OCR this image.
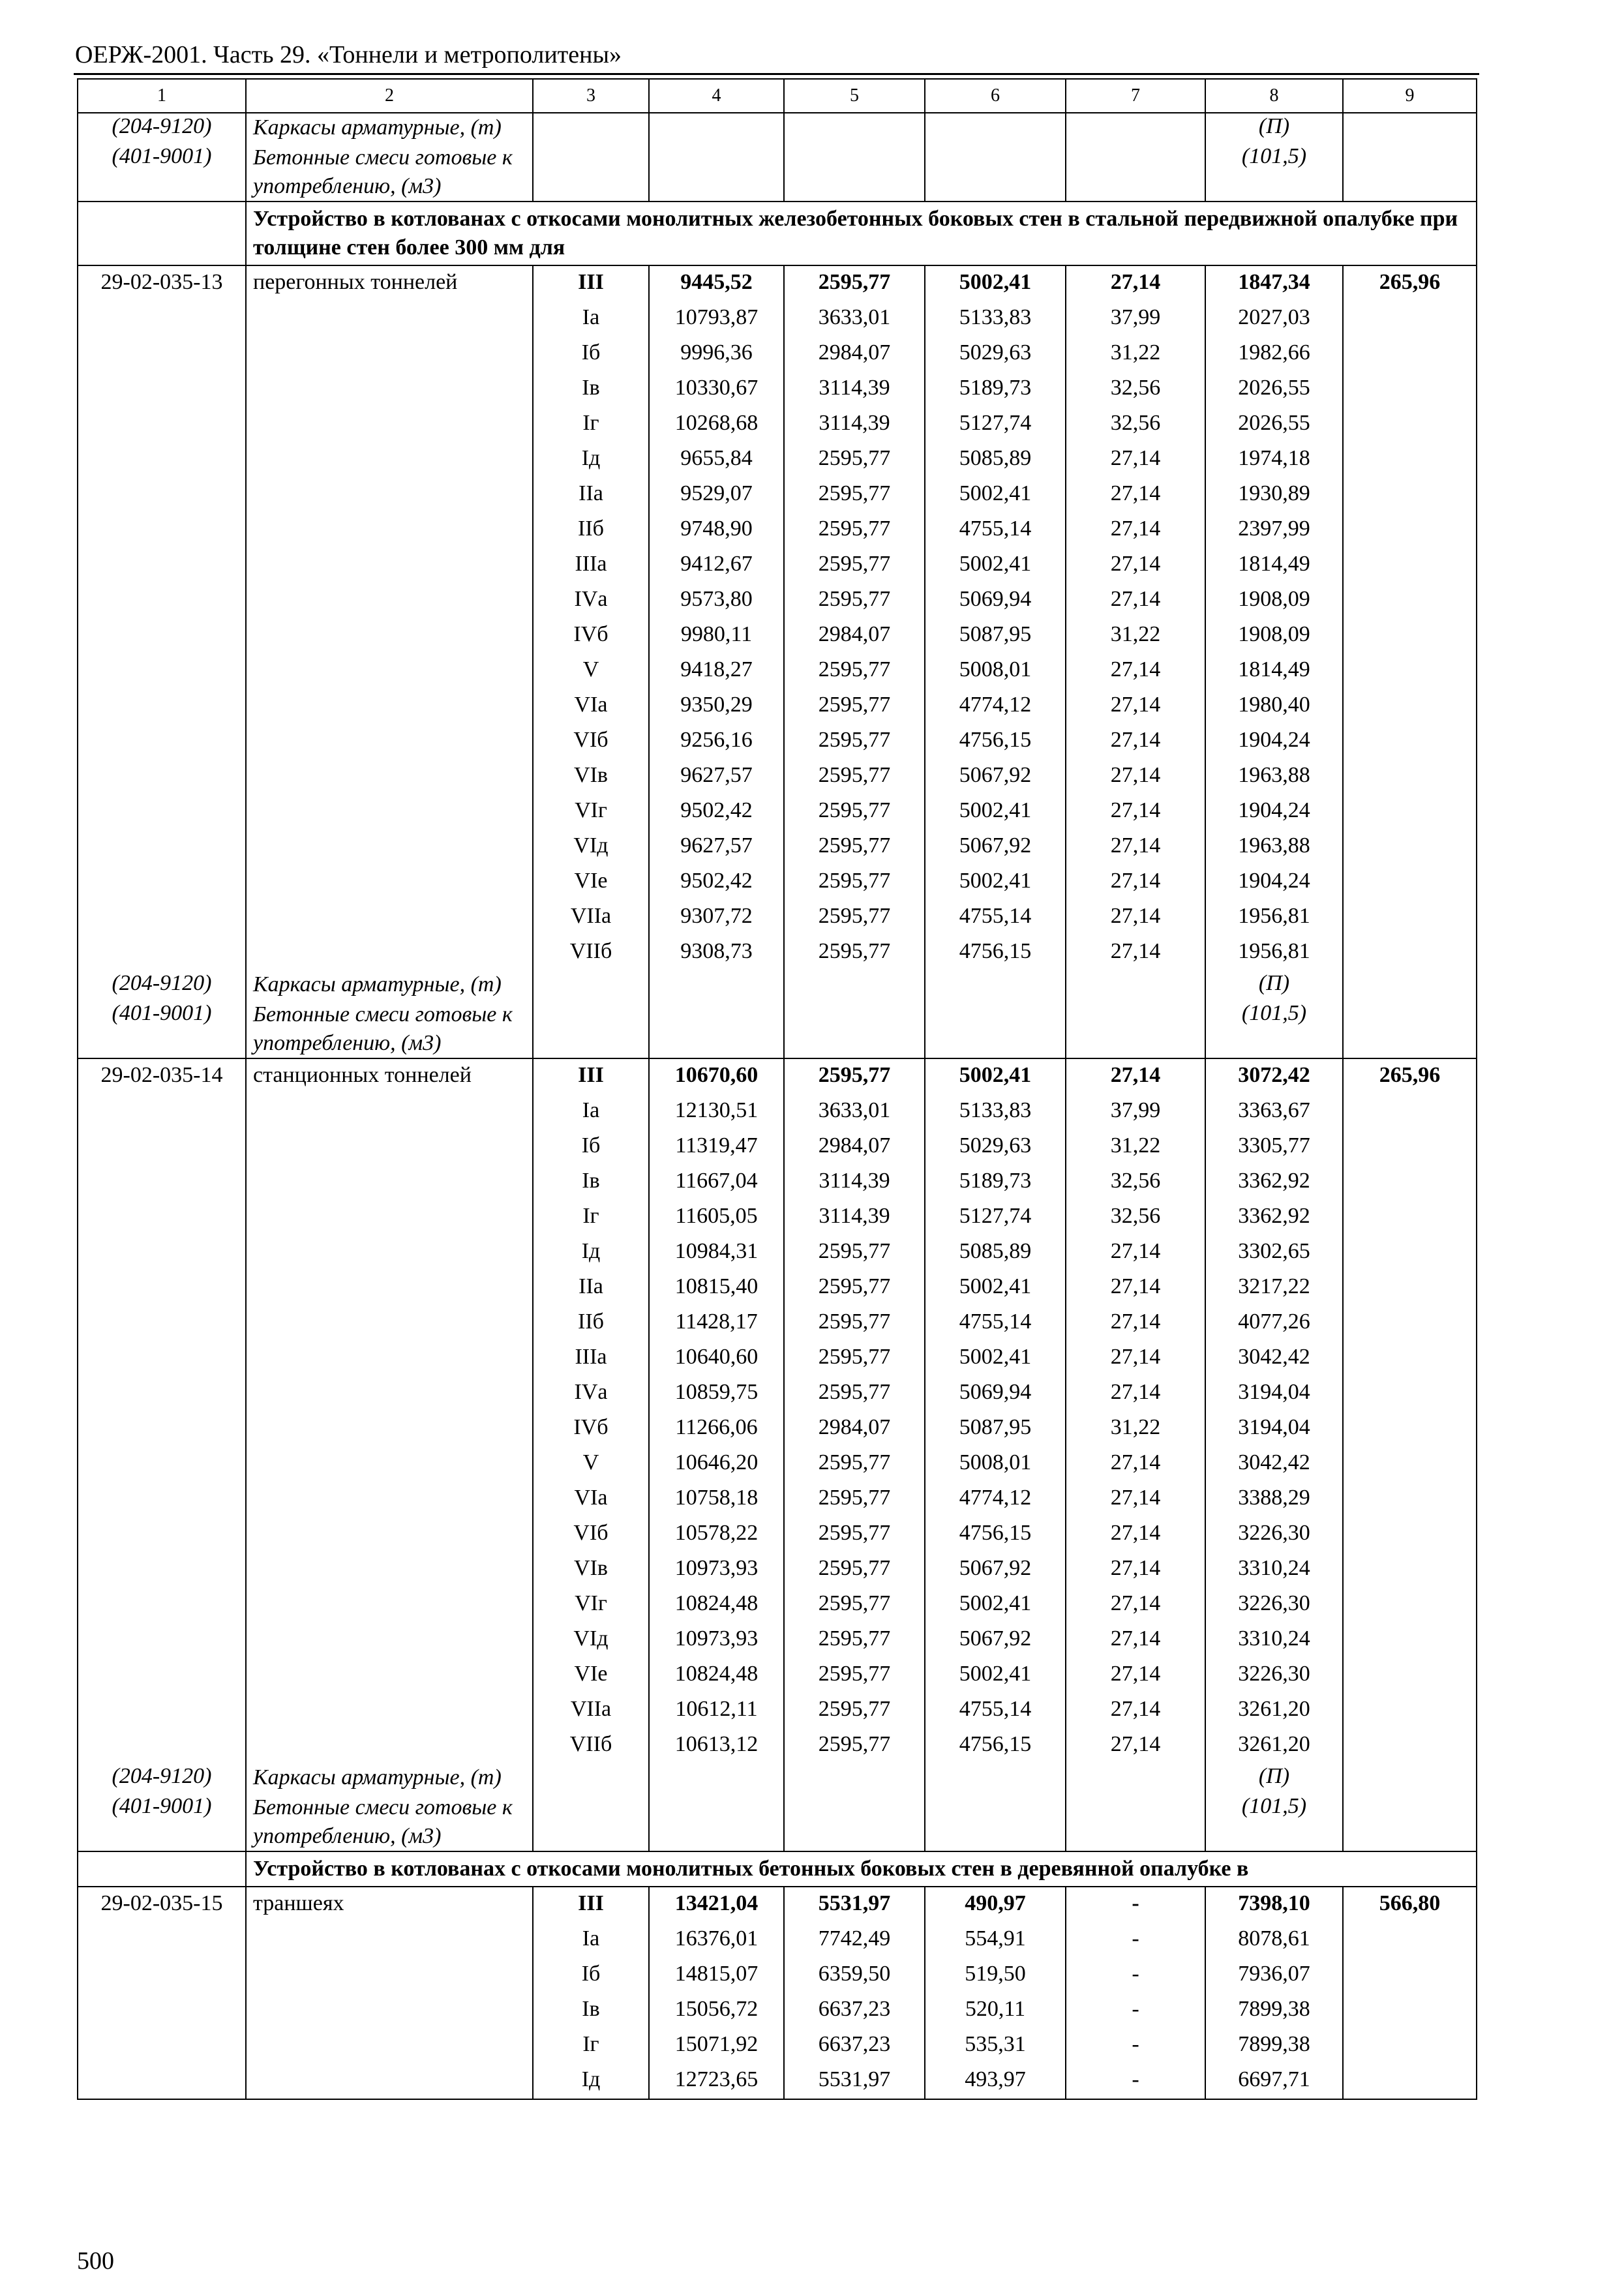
ОЕРЖ-2001. Часть 29. «Тоннели и метрополитены»
1	2	3	4	5	6	7	8	9
(204-9120)	Каркасы арматурные, (т)						(П)	
(401-9001)	Бетонные смеси готовые к употреблению, (м3)						(101,5)	
	Устройство в котлованах с откосами монолитных железобетонных боковых стен в стальной передвижной опалубке при толщине стен более 300 мм для							
29-02-035-13	перегонных тоннелей	III	9445,52	2595,77	5002,41	27,14	1847,34	265,96
		Iа	10793,87	3633,01	5133,83	37,99	2027,03	
		Iб	9996,36	2984,07	5029,63	31,22	1982,66	
		Iв	10330,67	3114,39	5189,73	32,56	2026,55	
		Iг	10268,68	3114,39	5127,74	32,56	2026,55	
		Iд	9655,84	2595,77	5085,89	27,14	1974,18	
		IIа	9529,07	2595,77	5002,41	27,14	1930,89	
		IIб	9748,90	2595,77	4755,14	27,14	2397,99	
		IIIа	9412,67	2595,77	5002,41	27,14	1814,49	
		IVа	9573,80	2595,77	5069,94	27,14	1908,09	
		IVб	9980,11	2984,07	5087,95	31,22	1908,09	
		V	9418,27	2595,77	5008,01	27,14	1814,49	
		VIа	9350,29	2595,77	4774,12	27,14	1980,40	
		VIб	9256,16	2595,77	4756,15	27,14	1904,24	
		VIв	9627,57	2595,77	5067,92	27,14	1963,88	
		VIг	9502,42	2595,77	5002,41	27,14	1904,24	
		VIд	9627,57	2595,77	5067,92	27,14	1963,88	
		VIе	9502,42	2595,77	5002,41	27,14	1904,24	
		VIIа	9307,72	2595,77	4755,14	27,14	1956,81	
		VIIб	9308,73	2595,77	4756,15	27,14	1956,81	
(204-9120)	Каркасы арматурные, (т)						(П)	
(401-9001)	Бетонные смеси готовые к употреблению, (м3)						(101,5)	
29-02-035-14	станционных тоннелей	III	10670,60	2595,77	5002,41	27,14	3072,42	265,96
		Iа	12130,51	3633,01	5133,83	37,99	3363,67	
		Iб	11319,47	2984,07	5029,63	31,22	3305,77	
		Iв	11667,04	3114,39	5189,73	32,56	3362,92	
		Iг	11605,05	3114,39	5127,74	32,56	3362,92	
		Iд	10984,31	2595,77	5085,89	27,14	3302,65	
		IIа	10815,40	2595,77	5002,41	27,14	3217,22	
		IIб	11428,17	2595,77	4755,14	27,14	4077,26	
		IIIа	10640,60	2595,77	5002,41	27,14	3042,42	
		IVа	10859,75	2595,77	5069,94	27,14	3194,04	
		IVб	11266,06	2984,07	5087,95	31,22	3194,04	
		V	10646,20	2595,77	5008,01	27,14	3042,42	
		VIа	10758,18	2595,77	4774,12	27,14	3388,29	
		VIб	10578,22	2595,77	4756,15	27,14	3226,30	
		VIв	10973,93	2595,77	5067,92	27,14	3310,24	
		VIг	10824,48	2595,77	5002,41	27,14	3226,30	
		VIд	10973,93	2595,77	5067,92	27,14	3310,24	
		VIе	10824,48	2595,77	5002,41	27,14	3226,30	
		VIIа	10612,11	2595,77	4755,14	27,14	3261,20	
		VIIб	10613,12	2595,77	4756,15	27,14	3261,20	
(204-9120)	Каркасы арматурные, (т)						(П)	
(401-9001)	Бетонные смеси готовые к употреблению, (м3)						(101,5)	
	Устройство в котлованах с откосами монолитных бетонных боковых стен в деревянной опалубке в							
29-02-035-15	траншеях	III	13421,04	5531,97	490,97	-	7398,10	566,80
		Iа	16376,01	7742,49	554,91	-	8078,61	
		Iб	14815,07	6359,50	519,50	-	7936,07	
		Iв	15056,72	6637,23	520,11	-	7899,38	
		Iг	15071,92	6637,23	535,31	-	7899,38	
		Iд	12723,65	5531,97	493,97	-	6697,71	
500
